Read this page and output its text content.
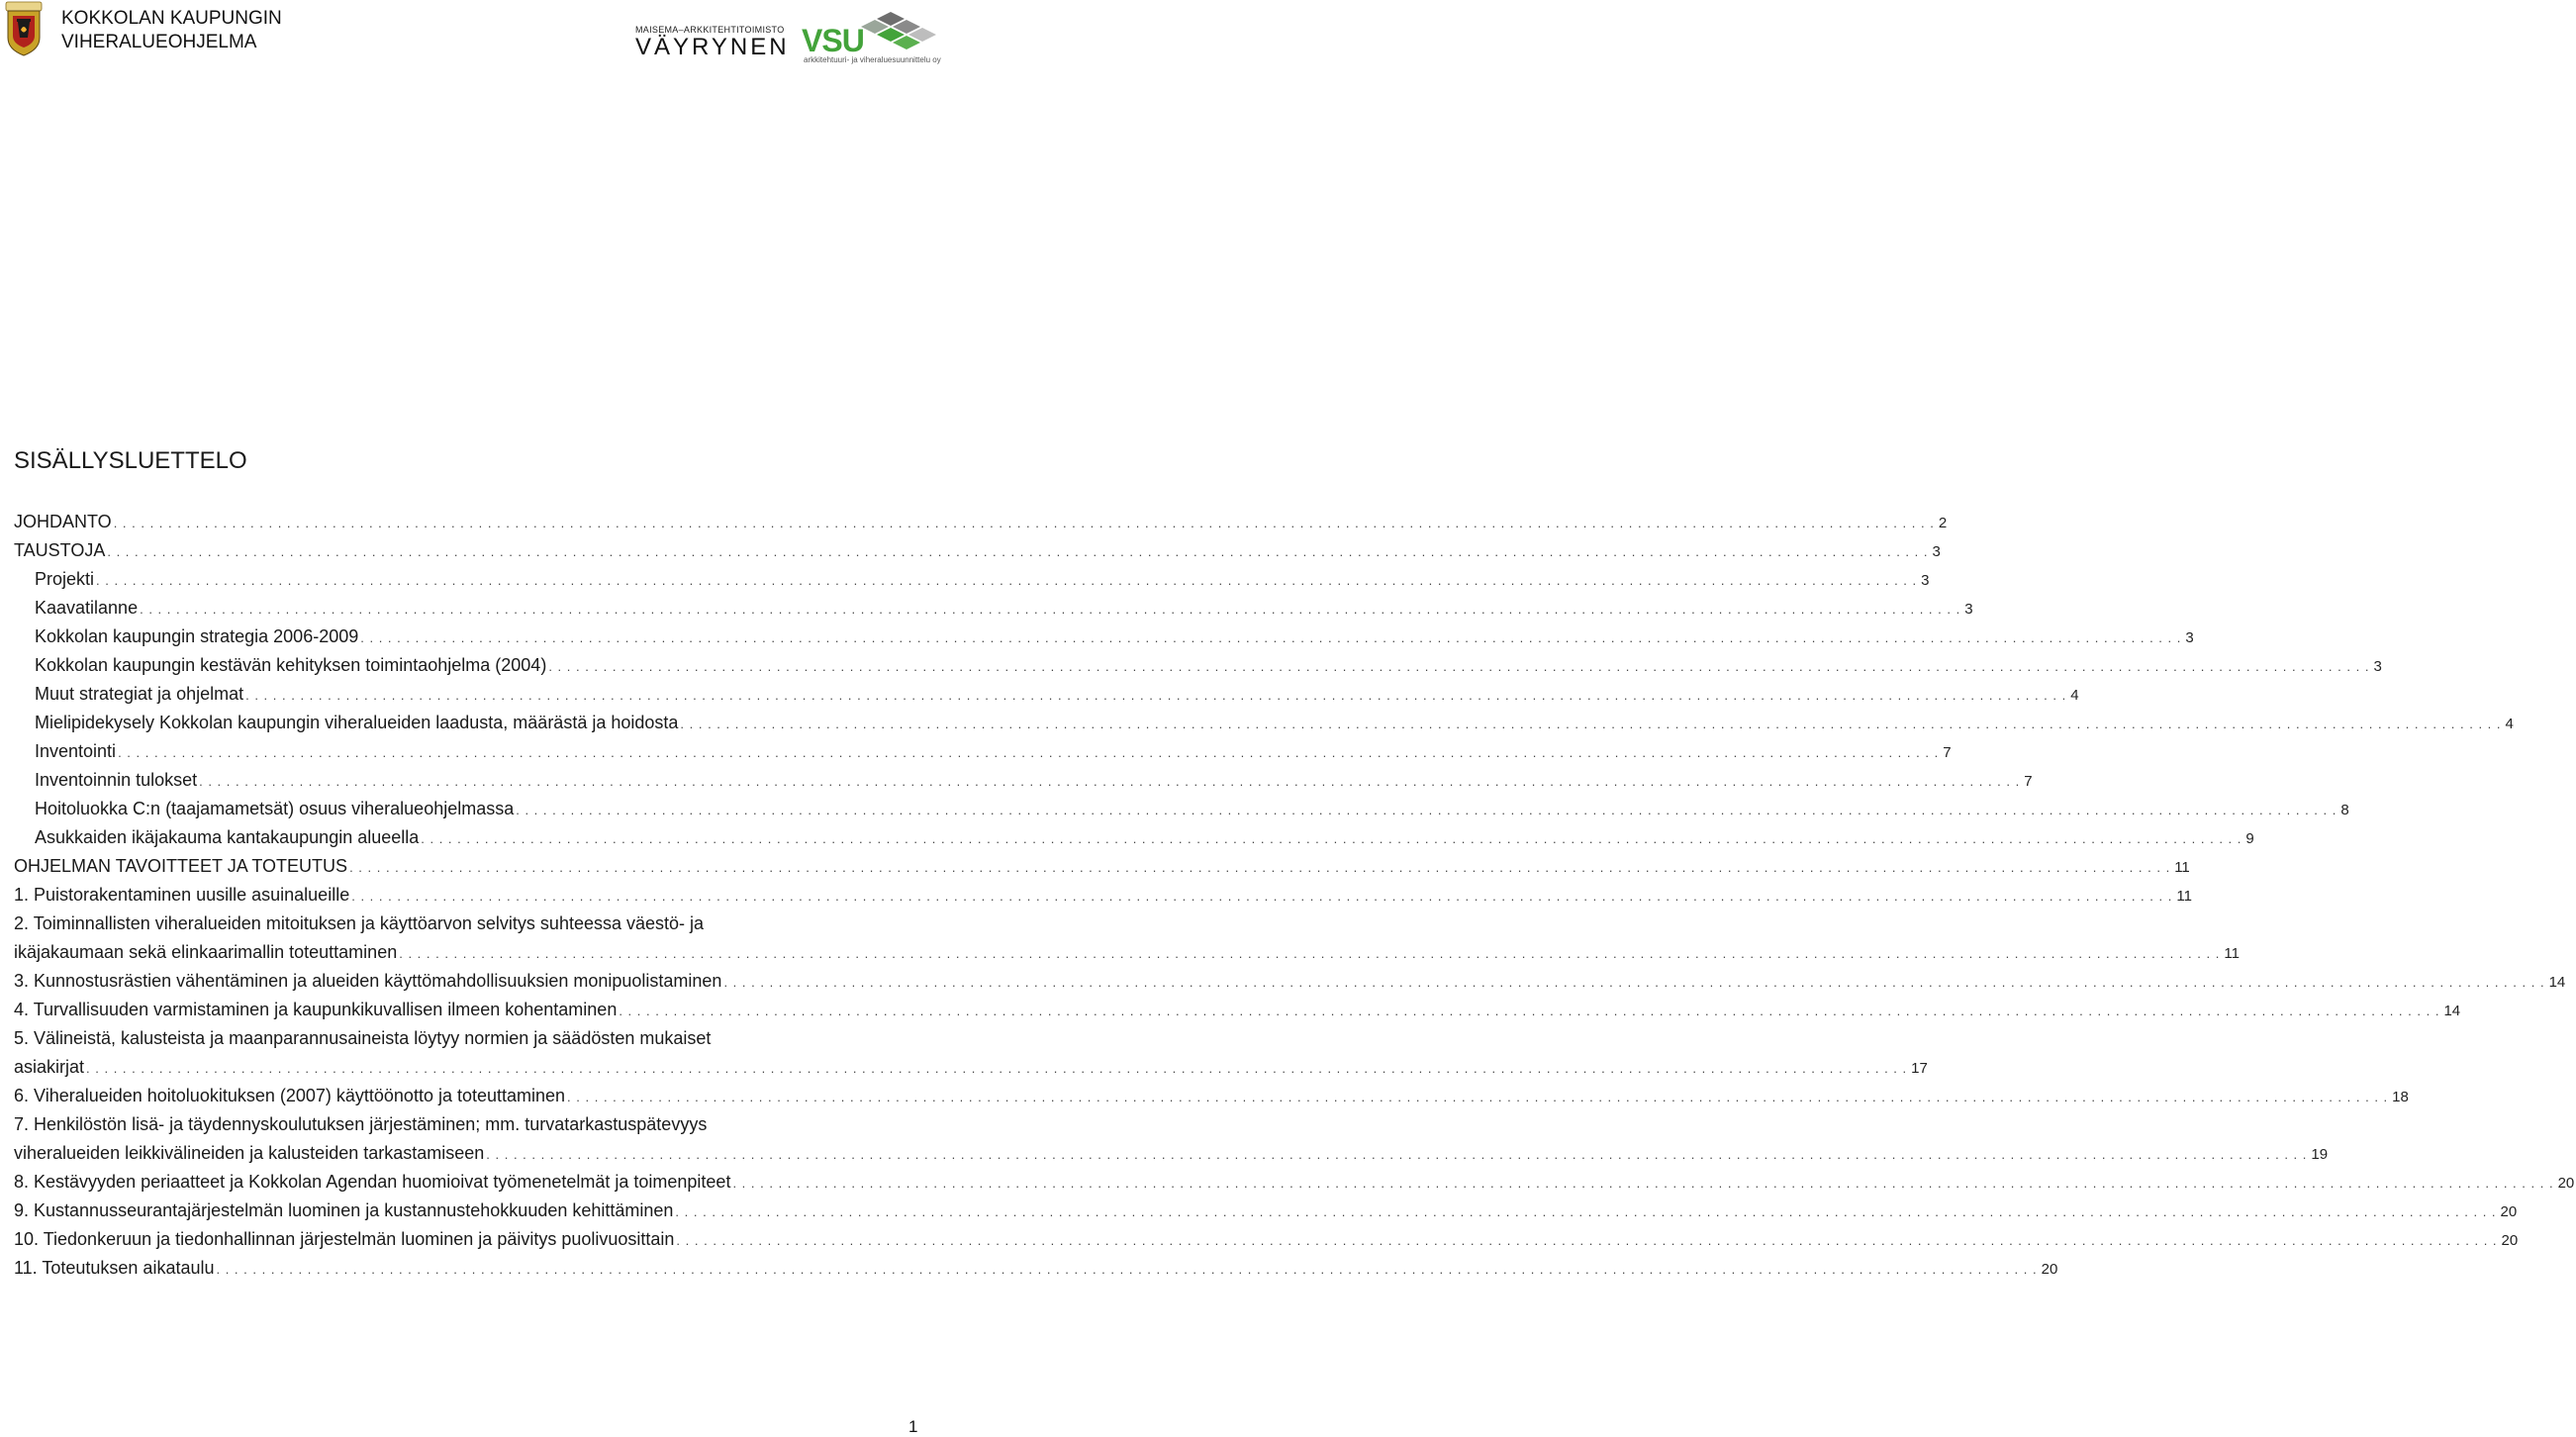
KOKKOLAN KAUPUNGIN
VIHERALUEOHJELMA
MAISEMA–ARKKITEHTITOIMISTO
VÄYRYNEN VSU
arkkitehtuuri- ja viheraluesuunnittelu oy
SISÄLLYSLUETTELO
JOHDANTO . . . . . . . . . . . . . . . . . . . . . . . . . . . . . . . . . . . . . . . . . . . . . . . . . . . . . . . . . . . . . . . . . . . . . . . . . . . . . . . . . . . . . . . . . . . . . . . . . . . . . . . . . . . . . . . . . . . . . . . . . . . . . . . . . . . . . . . . . . . . . . . . . . . . . . . . . . . . . . . . . . . . . . . . . . . . . . . . . . . . . . . . . . . . . . . . . . . . . . . . 2
TAUSTOJA . . . . . . . . . . . . . . . . . . . . . . . . . . . . . . . . . . . . . . . . . . . . . . . . . . . . . . . . . . . . . . . . . . . . . . . . . . . . . . . . . . . . . . . . . . . . . . . . . . . . . . . . . . . . . . . . . . . . . . . . . . . . . . . . . . . . . . . . . . . . . . . . . . . . . . . . . . . . . . . . . . . . . . . . . . . . . . . . . . . . . . . . . . . . . . . . . . . . . . . . 3
Projekti . . . . . . . . . . . . . . . . . . . . . . . . . . . . . . . . . . . . . . . . . . . . . . . . . . . . . . . . . . . . . . . . . . . . . . . . . . . . . . . . . . . . . . . . . . . . . . . . . . . . . . . . . . . . . . . . . . . . . . . . . . . . . . . . . . . . . . . . . . . . . . . . . . . . . . . . . . . . . . . . . . . . . . . . . . . . . . . . . . . . . . . . . . . . . . . . . . . . . . . . 3
Kaavatilanne . . . . . . . . . . . . . . . . . . . . . . . . . . . . . . . . . . . . . . . . . . . . . . . . . . . . . . . . . . . . . . . . . . . . . . . . . . . . . . . . . . . . . . . . . . . . . . . . . . . . . . . . . . . . . . . . . . . . . . . . . . . . . . . . . . . . . . . . . . . . . . . . . . . . . . . . . . . . . . . . . . . . . . . . . . . . . . . . . . . . . . . . . . . . . . . . . . . . . . . . 3
Kokkolan kaupungin strategia 2006-2009 . . . . . . . . . . . . . . . . . . . . . . . . . . . . . . . . . . . . . . . . . . . . . . . . . . . . . . . . . . . . . . . . . . . . . . . . . . . . . . . . . . . . . . . . . . . . . . . . . . . . . . . . . . . . . . . . . . . . . . . . . . . . . . . . . . . . . . . . . . . . . . . . . . . . . . . . . . . . . . . . . . . . . . . . . . . . . . . . . . . . . . . . . . . . . . . . . . . . . . . . 3
Kokkolan kaupungin kestävän kehityksen toimintaohjelma (2004) . . . . . . . . . . . . . . . . . . . . . . . . . . . . . . . . . . . . . . . . . . . . . . . . . . . . . . . . . . . . . . . . . . . . . . . . . . . . . . . . . . . . . . . . . . . . . . . . . . . . . . . . . . . . . . . . . . . . . . . . . . . . . . . . . . . . . . . . . . . . . . . . . . . . . . . . . . . . . . . . . . . . . . . . . . . . . . . . . . . . . . . . . . . . . . . . . . . . . . . . 3
Muut strategiat ja ohjelmat . . . . . . . . . . . . . . . . . . . . . . . . . . . . . . . . . . . . . . . . . . . . . . . . . . . . . . . . . . . . . . . . . . . . . . . . . . . . . . . . . . . . . . . . . . . . . . . . . . . . . . . . . . . . . . . . . . . . . . . . . . . . . . . . . . . . . . . . . . . . . . . . . . . . . . . . . . . . . . . . . . . . . . . . . . . . . . . . . . . . . . . . . . . . . . . . . . . . . . . . 4
Mielipidekysely Kokkolan kaupungin viheralueiden laadusta, määrästä ja hoidosta . . . . . . . . . . . . . . . . . . . . . . . . . . . . . . . . . . . . . . . . . . . . . . . . . . . . . . . . . . . . . . . . . . . . . . . . . . . . . . . . . . . . . . . . . . . . . . . . . . . . . . . . . . . . . . . . . . . . . . . . . . . . . . . . . . . . . . . . . . . . . . . . . . . . . . . . . . . . . . . . . . . . . . . . . . . . . . . . . . . . . . . . . . . . . . . . . . . . . . . . 4
Inventointi . . . . . . . . . . . . . . . . . . . . . . . . . . . . . . . . . . . . . . . . . . . . . . . . . . . . . . . . . . . . . . . . . . . . . . . . . . . . . . . . . . . . . . . . . . . . . . . . . . . . . . . . . . . . . . . . . . . . . . . . . . . . . . . . . . . . . . . . . . . . . . . . . . . . . . . . . . . . . . . . . . . . . . . . . . . . . . . . . . . . . . . . . . . . . . . . . . . . . . . . 7
Inventoinnin tulokset . . . . . . . . . . . . . . . . . . . . . . . . . . . . . . . . . . . . . . . . . . . . . . . . . . . . . . . . . . . . . . . . . . . . . . . . . . . . . . . . . . . . . . . . . . . . . . . . . . . . . . . . . . . . . . . . . . . . . . . . . . . . . . . . . . . . . . . . . . . . . . . . . . . . . . . . . . . . . . . . . . . . . . . . . . . . . . . . . . . . . . . . . . . . . . . . . . . . . . . . 7
Hoitoluokka C:n (taajamametsät) osuus viheralueohjelmassa . . . . . . . . . . . . . . . . . . . . . . . . . . . . . . . . . . . . . . . . . . . . . . . . . . . . . . . . . . . . . . . . . . . . . . . . . . . . . . . . . . . . . . . . . . . . . . . . . . . . . . . . . . . . . . . . . . . . . . . . . . . . . . . . . . . . . . . . . . . . . . . . . . . . . . . . . . . . . . . . . . . . . . . . . . . . . . . . . . . . . . . . . . . . . . . . . . . . . . . . 8
Asukkaiden ikäjakauma kantakaupungin alueella . . . . . . . . . . . . . . . . . . . . . . . . . . . . . . . . . . . . . . . . . . . . . . . . . . . . . . . . . . . . . . . . . . . . . . . . . . . . . . . . . . . . . . . . . . . . . . . . . . . . . . . . . . . . . . . . . . . . . . . . . . . . . . . . . . . . . . . . . . . . . . . . . . . . . . . . . . . . . . . . . . . . . . . . . . . . . . . . . . . . . . . . . . . . . . . . . . . . . . . . 9
OHJELMAN TAVOITTEET JA TOTEUTUS . . . . . . . . . . . . . . . . . . . . . . . . . . . . . . . . . . . . . . . . . . . . . . . . . . . . . . . . . . . . . . . . . . . . . . . . . . . . . . . . . . . . . . . . . . . . . . . . . . . . . . . . . . . . . . . . . . . . . . . . . . . . . . . . . . . . . . . . . . . . . . . . . . . . . . . . . . . . . . . . . . . . . . . . . . . . . . . . . . . . . . . . . . . . . . . . . . . . . . . . 11
1. Puistorakentaminen uusille asuinalueille . . . . . . . . . . . . . . . . . . . . . . . . . . . . . . . . . . . . . . . . . . . . . . . . . . . . . . . . . . . . . . . . . . . . . . . . . . . . . . . . . . . . . . . . . . . . . . . . . . . . . . . . . . . . . . . . . . . . . . . . . . . . . . . . . . . . . . . . . . . . . . . . . . . . . . . . . . . . . . . . . . . . . . . . . . . . . . . . . . . . . . . . . . . . . . . . . . . . . . . . 11
2. Toiminnallisten viheralueiden mitoituksen ja käyttöarvon selvitys suhteessa väestö- ja
ikäjakaumaan sekä elinkaarimallin toteuttaminen . . . . . . . . . . . . . . . . . . . . . . . . . . . . . . . . . . . . . . . . . . . . . . . . . . . . . . . . . . . . . . . . . . . . . . . . . . . . . . . . . . . . . . . . . . . . . . . . . . . . . . . . . . . . . . . . . . . . . . . . . . . . . . . . . . . . . . . . . . . . . . . . . . . . . . . . . . . . . . . . . . . . . . . . . . . . . . . . . . . . . . . . . . . . . . . . . . . . . . . . 11
3. Kunnostusrästien vähentäminen ja alueiden käyttömahdollisuuksien monipuolistaminen . . . . . . . . . . . . . . . . . . . . . . . . . . . . . . . . . . . . . . . . . . . . . . . . . . . . . . . . . . . . . . . . . . . . . . . . . . . . . . . . . . . . . . . . . . . . . . . . . . . . . . . . . . . . . . . . . . . . . . . . . . . . . . . . . . . . . . . . . . . . . . . . . . . . . . . . . . . . . . . . . . . . . . . . . . . . . . . . . . . . . . . . . . . . . . . . . . . . . . . . 14
4. Turvallisuuden varmistaminen ja kaupunkikuvallisen ilmeen kohentaminen . . . . . . . . . . . . . . . . . . . . . . . . . . . . . . . . . . . . . . . . . . . . . . . . . . . . . . . . . . . . . . . . . . . . . . . . . . . . . . . . . . . . . . . . . . . . . . . . . . . . . . . . . . . . . . . . . . . . . . . . . . . . . . . . . . . . . . . . . . . . . . . . . . . . . . . . . . . . . . . . . . . . . . . . . . . . . . . . . . . . . . . . . . . . . . . . . . . . . . . . 14
5. Välineistä, kalusteista ja maanparannusaineista löytyy normien ja säädösten mukaiset
asiakirjat . . . . . . . . . . . . . . . . . . . . . . . . . . . . . . . . . . . . . . . . . . . . . . . . . . . . . . . . . . . . . . . . . . . . . . . . . . . . . . . . . . . . . . . . . . . . . . . . . . . . . . . . . . . . . . . . . . . . . . . . . . . . . . . . . . . . . . . . . . . . . . . . . . . . . . . . . . . . . . . . . . . . . . . . . . . . . . . . . . . . . . . . . . . . . . . . . . . . . . . . 17
6. Viheralueiden hoitoluokituksen (2007) käyttöönotto ja toteuttaminen . . . . . . . . . . . . . . . . . . . . . . . . . . . . . . . . . . . . . . . . . . . . . . . . . . . . . . . . . . . . . . . . . . . . . . . . . . . . . . . . . . . . . . . . . . . . . . . . . . . . . . . . . . . . . . . . . . . . . . . . . . . . . . . . . . . . . . . . . . . . . . . . . . . . . . . . . . . . . . . . . . . . . . . . . . . . . . . . . . . . . . . . . . . . . . . . . . . . . . . . 18
7. Henkilöstön lisä- ja täydennyskoulutuksen järjestäminen; mm. turvatarkastuspätevyys
viheralueiden leikkivälineiden ja kalusteiden tarkastamiseen . . . . . . . . . . . . . . . . . . . . . . . . . . . . . . . . . . . . . . . . . . . . . . . . . . . . . . . . . . . . . . . . . . . . . . . . . . . . . . . . . . . . . . . . . . . . . . . . . . . . . . . . . . . . . . . . . . . . . . . . . . . . . . . . . . . . . . . . . . . . . . . . . . . . . . . . . . . . . . . . . . . . . . . . . . . . . . . . . . . . . . . . . . . . . . . . . . . . . . . . 19
8. Kestävyyden periaatteet ja Kokkolan Agendan huomioivat työmenetelmät ja toimenpiteet . . . . . . . . . . . . . . . . . . . . . . . . . . . . . . . . . . . . . . . . . . . . . . . . . . . . . . . . . . . . . . . . . . . . . . . . . . . . . . . . . . . . . . . . . . . . . . . . . . . . . . . . . . . . . . . . . . . . . . . . . . . . . . . . . . . . . . . . . . . . . . . . . . . . . . . . . . . . . . . . . . . . . . . . . . . . . . . . . . . . . . . . . . . . . . . . . . . . . . . . 20
9. Kustannusseurantajärjestelmän luominen ja kustannustehokkuuden kehittäminen . . . . . . . . . . . . . . . . . . . . . . . . . . . . . . . . . . . . . . . . . . . . . . . . . . . . . . . . . . . . . . . . . . . . . . . . . . . . . . . . . . . . . . . . . . . . . . . . . . . . . . . . . . . . . . . . . . . . . . . . . . . . . . . . . . . . . . . . . . . . . . . . . . . . . . . . . . . . . . . . . . . . . . . . . . . . . . . . . . . . . . . . . . . . . . . . . . . . . . . . 20
10. Tiedonkeruun ja tiedonhallinnan järjestelmän luominen ja päivitys puolivuosittain . . . . . . . . . . . . . . . . . . . . . . . . . . . . . . . . . . . . . . . . . . . . . . . . . . . . . . . . . . . . . . . . . . . . . . . . . . . . . . . . . . . . . . . . . . . . . . . . . . . . . . . . . . . . . . . . . . . . . . . . . . . . . . . . . . . . . . . . . . . . . . . . . . . . . . . . . . . . . . . . . . . . . . . . . . . . . . . . . . . . . . . . . . . . . . . . . . . . . . . . 20
11. Toteutuksen aikataulu . . . . . . . . . . . . . . . . . . . . . . . . . . . . . . . . . . . . . . . . . . . . . . . . . . . . . . . . . . . . . . . . . . . . . . . . . . . . . . . . . . . . . . . . . . . . . . . . . . . . . . . . . . . . . . . . . . . . . . . . . . . . . . . . . . . . . . . . . . . . . . . . . . . . . . . . . . . . . . . . . . . . . . . . . . . . . . . . . . . . . . . . . . . . . . . . . . . . . . . . 20
1
